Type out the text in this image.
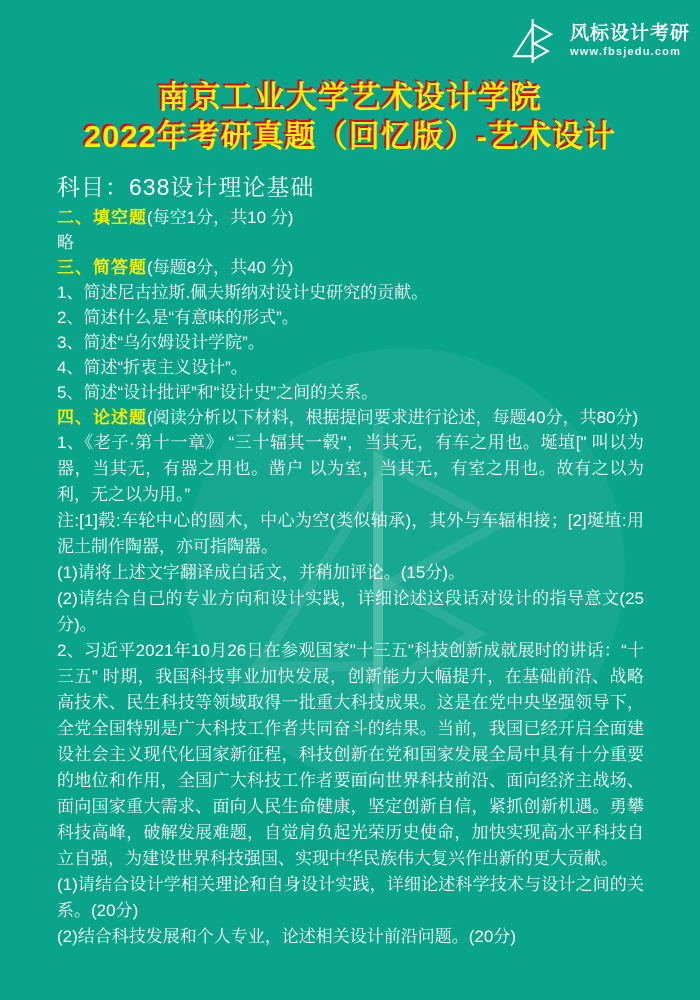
风标设计考研
www.fbsjedu.com
南京工业大学艺术设计学院
2022年考研真题（回忆版）-艺术设计
科目：638设计理论基础
二、填空题(每空1分，共10 分)
略
三、简答题(每题8分，共40 分)
1、简述尼古拉斯.佩夫斯纳对设计史研究的贡献。
2、简述什么是“有意味的形式”。
3、简述“乌尔姆设计学院”。
4、简述“折衷主义设计”。
5、简述“设计批评”和“设计史”之间的关系。
四、论述题(阅读分析以下材料，根据提问要求进行论述，每题40分，共80分)
1、《老子·第十一章》 “三十辐其一毂"，当其无，有车之用也。埏埴[" 叫以为器，当其无，有器之用也。凿户 以为室，当其无，有室之用也。故有之以为利，无之以为用。”
注:[1]毂:车轮中心的圆木，中心为空(类似轴承)，其外与车辐相接；[2]埏埴:用泥土制作陶器，亦可指陶器。
(1)请将上述文字翻译成白话文，并稍加评论。(15分)。
(2)请结合自己的专业方向和设计实践，详细论述这段话对设计的指导意文(25分)。
2、习近平2021年10月26日在参观国家"十三五"科技创新成就展时的讲话：“十三五” 时期，我国科技事业加快发展，创新能力大幅提升，在基础前沿、战略高技术、民生科技等领域取得一批重大科技成果。这是在党中央坚强领导下，全党全国特别是广大科技工作者共同奋斗的结果。当前，我国已经开启全面建设社会主义现代化国家新征程，科技创新在党和国家发展全局中具有十分重要的地位和作用，全国广大科技工作者要面向世界科技前沿、面向经济主战场、面向国家重大需求、面向人民生命健康，坚定创新自信，紧抓创新机遇。勇攀科技高峰，破解发展难题，自觉肩负起光荣历史使命，加快实现高水平科技自立自强，为建设世界科技强国、实现中华民族伟大复兴作出新的更大贡献。
(1)请结合设计学相关理论和自身设计实践，详细论述科学技术与设计之间的关系。(20分)
(2)结合科技发展和个人专业，论述相关设计前沿问题。(20分)
